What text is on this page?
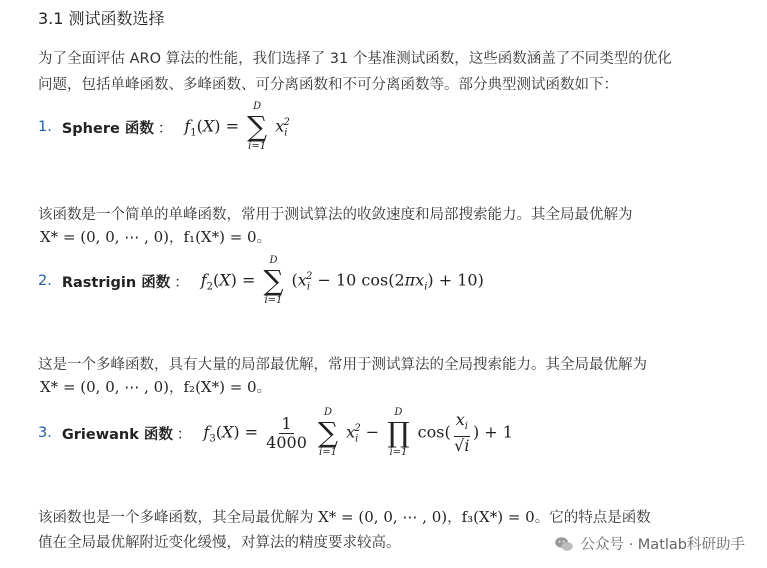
3.1 测试函数选择
为了全面评估 ARO 算法的性能，我们选择了 31 个基准测试函数，这些函数涵盖了不同类型的优化
问题，包括单峰函数、多峰函数、可分离函数和不可分离函数等。部分典型测试函数如下：
1. Sphere 函数 ： $f_1(X)$ =
D
∑
i=1
$x_i^2$
该函数是一个简单的单峰函数，常用于测试算法的收敛速度和局部搜索能力。其全局最优解为
X* = (0, 0, ⋯ , 0)，f₁(X*) = 0。
2. Rastrigin 函数 ： $f_2(X)$ =
D
∑
i=1
($x_i^2 - 10$ $\cos(2\pi x_i) + 10$)
这是一个多峰函数，具有大量的局部最优解，常用于测试算法的全局搜索能力。其全局最优解为
X* = (0, 0, ⋯ , 0)，f₂(X*) = 0。
3. Griewank 函数 ： $f_3(X) = \frac{1}{4000}$

D
∑
i=1
$x_i^2$ −
D
∏
i=1
$\cos( \frac{x_i}{√i}$ ) + 1
该函数也是一个多峰函数，其全局最优解为 X* = (0, 0, ⋯ , 0)，f₃(X*) = 0。它的特点是函数
值在全局最优解附近变化缓慢，对算法的精度要求较高。	公众号 · Matlab科研助手
